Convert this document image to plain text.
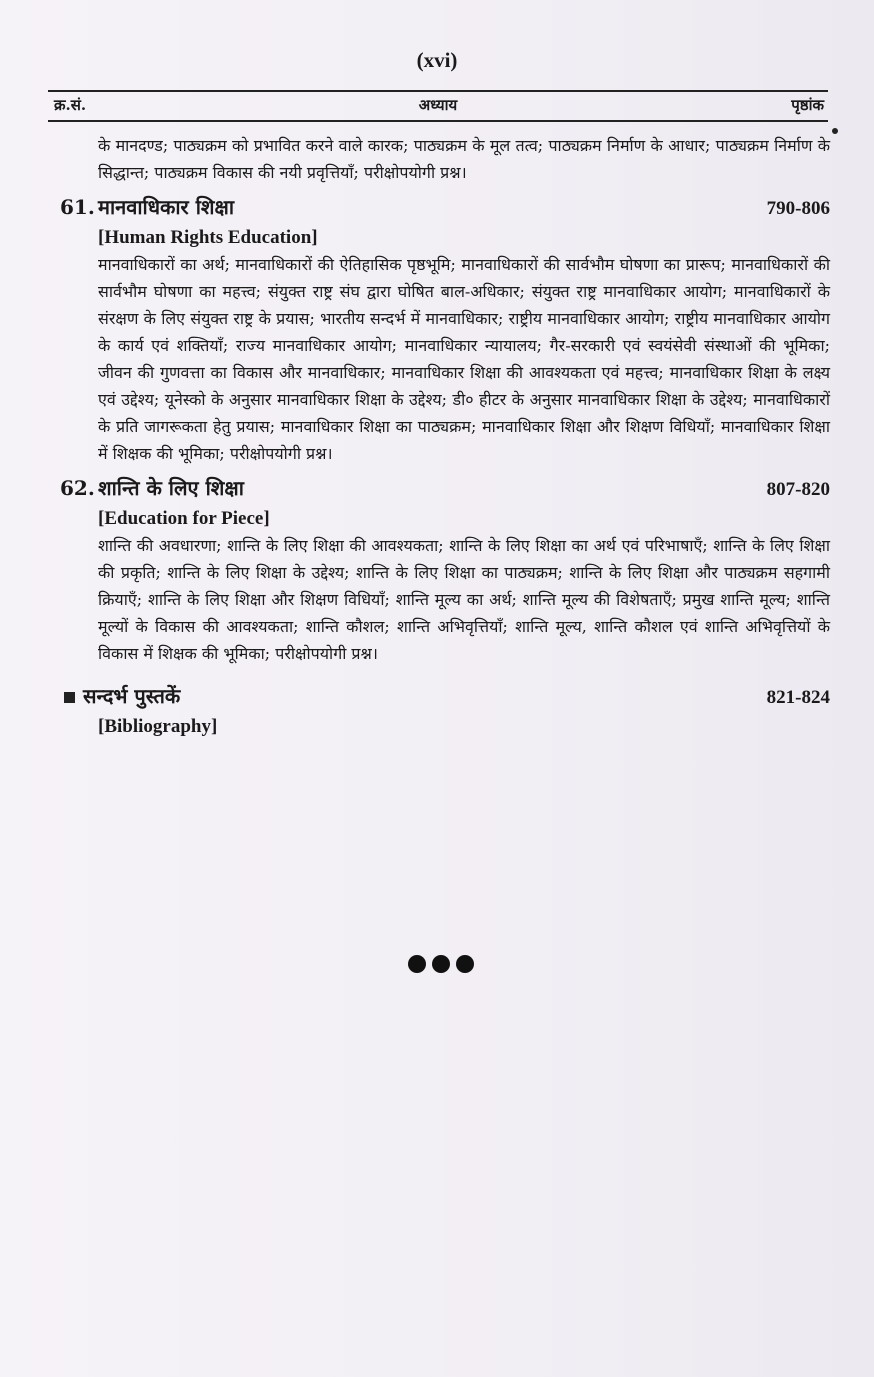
(xvi)
क्र.सं.	अध्याय	पृष्ठांक

के मानदण्ड; पाठ्यक्रम को प्रभावित करने वाले कारक; पाठ्यक्रम के मूल तत्व; पाठ्यक्रम निर्माण के आधार; पाठ्यक्रम निर्माण के सिद्धान्त; पाठ्यक्रम विकास की नयी प्रवृत्तियाँ; परीक्षोपयोगी प्रश्न।

61. मानवाधिकार शिक्षा	790-806
[Human Rights Education]

मानवाधिकारों का अर्थ; मानवाधिकारों की ऐतिहासिक पृष्ठभूमि; मानवाधिकारों की सार्वभौम घोषणा का प्रारूप; मानवाधिकारों की सार्वभौम घोषणा का महत्त्व; संयुक्त राष्ट्र संघ द्वारा घोषित बाल-अधिकार; संयुक्त राष्ट्र मानवाधिकार आयोग; मानवाधिकारों के संरक्षण के लिए संयुक्त राष्ट्र के प्रयास; भारतीय सन्दर्भ में मानवाधिकार; राष्ट्रीय मानवाधिकार आयोग; राष्ट्रीय मानवाधिकार आयोग के कार्य एवं शक्तियाँ; राज्य मानवाधिकार आयोग; मानवाधिकार न्यायालय; गैर-सरकारी एवं स्वयंसेवी संस्थाओं की भूमिका; जीवन की गुणवत्ता का विकास और मानवाधिकार; मानवाधिकार शिक्षा की आवश्यकता एवं महत्त्व; मानवाधिकार शिक्षा के लक्ष्य एवं उद्देश्य; यूनेस्को के अनुसार मानवाधिकार शिक्षा के उद्देश्य; डी० हीटर के अनुसार मानवाधिकार शिक्षा के उद्देश्य; मानवाधिकारों के प्रति जागरूकता हेतु प्रयास; मानवाधिकार शिक्षा का पाठ्यक्रम; मानवाधिकार शिक्षा और शिक्षण विधियाँ; मानवाधिकार शिक्षा में शिक्षक की भूमिका; परीक्षोपयोगी प्रश्न।

62. शान्ति के लिए शिक्षा	807-820
[Education for Piece]

शान्ति की अवधारणा; शान्ति के लिए शिक्षा की आवश्यकता; शान्ति के लिए शिक्षा का अर्थ एवं परिभाषाएँ; शान्ति के लिए शिक्षा की प्रकृति; शान्ति के लिए शिक्षा के उद्देश्य; शान्ति के लिए शिक्षा का पाठ्यक्रम; शान्ति के लिए शिक्षा और पाठ्यक्रम सहगामी क्रियाएँ; शान्ति के लिए शिक्षा और शिक्षण विधियाँ; शान्ति मूल्य का अर्थ; शान्ति मूल्य की विशेषताएँ; प्रमुख शान्ति मूल्य; शान्ति मूल्यों के विकास की आवश्यकता; शान्ति कौशल; शान्ति अभिवृत्तियाँ; शान्ति मूल्य, शान्ति कौशल एवं शान्ति अभिवृत्तियों के विकास में शिक्षक की भूमिका; परीक्षोपयोगी प्रश्न।

सन्दर्भ पुस्तकें	821-824
[Bibliography]
